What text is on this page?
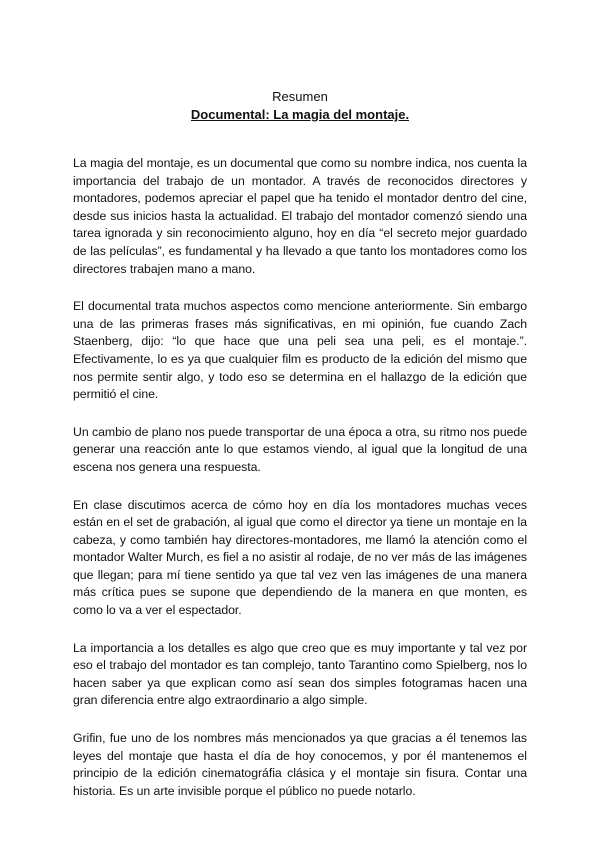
Resumen
Documental: La magia del montaje.

La magia del montaje, es un documental que como su nombre indica, nos cuenta la importancia del trabajo de un montador. A través de reconocidos directores y montadores, podemos apreciar el papel que ha tenido el montador dentro del cine, desde sus inicios hasta la actualidad. El trabajo del montador comenzó siendo una tarea ignorada y sin reconocimiento alguno, hoy en día “el secreto mejor guardado de las películas”, es fundamental y ha llevado a que tanto los montadores como los directores trabajen mano a mano.

El documental trata muchos aspectos como mencione anteriormente. Sin embargo una de las primeras frases más significativas, en mi opinión, fue cuando Zach Staenberg, dijo: “lo que hace que una peli sea una peli, es el montaje.”. Efectivamente, lo es ya que cualquier film es producto de la edición del mismo que nos permite sentir algo, y todo eso se determina en el hallazgo de la edición que permitió el cine.

Un cambio de plano nos puede transportar de una época a otra, su ritmo nos puede generar una reacción ante lo que estamos viendo, al igual que la longitud de una escena nos genera una respuesta.

En clase discutimos acerca de cómo hoy en día los montadores muchas veces están en el set de grabación, al igual que como el director ya tiene un montaje en la cabeza, y como también hay directores-montadores, me llamó la atención como el montador Walter Murch, es fiel a no asistir al rodaje, de no ver más de las imágenes que llegan; para mí tiene sentido ya que tal vez ven las imágenes de una manera más crítica pues se supone que dependiendo de la manera en que monten, es como lo va a ver el espectador.

La importancia a los detalles es algo que creo que es muy importante y tal vez por eso el trabajo del montador es tan complejo, tanto Tarantino como Spielberg, nos lo hacen saber ya que explican como así sean dos simples fotogramas hacen una gran diferencia entre algo extraordinario a algo simple.

Grifin, fue uno de los nombres más mencionados ya que gracias a él tenemos las leyes del montaje que hasta el día de hoy conocemos, y por él mantenemos el principio de la edición cinematográfia clásica y el montaje sin fisura. Contar una historia. Es un arte invisible porque el público no puede notarlo.
